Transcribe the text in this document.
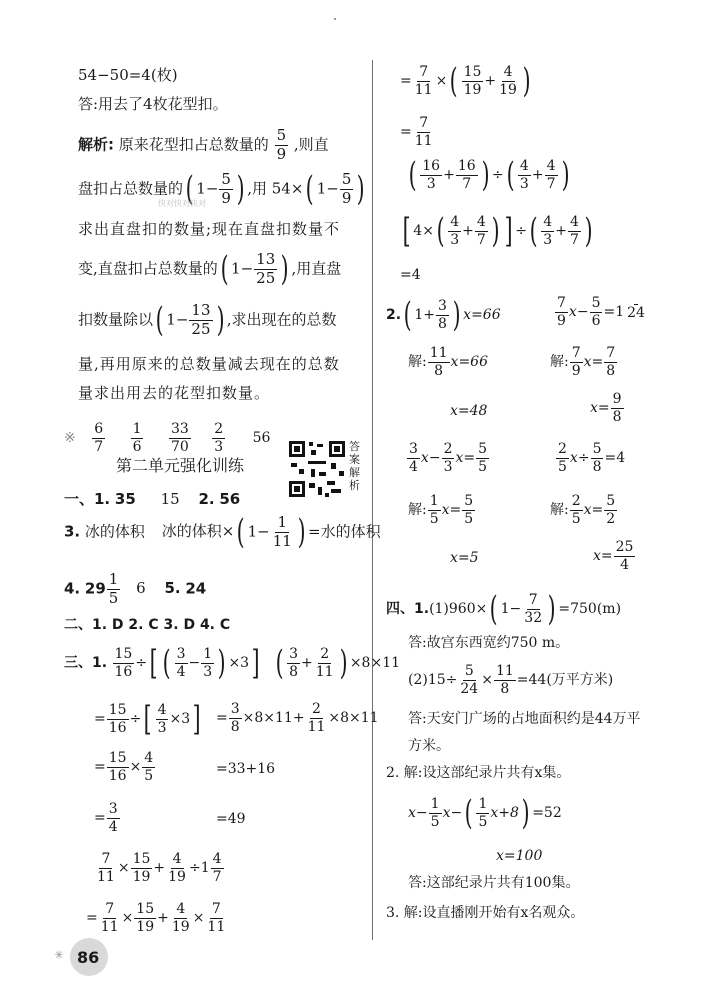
54−50=4(枚)
答:用去了4枚花型扣。
解析: 原来花型扣占总数量的 $\frac{5}{9}$ ,则直
盘扣占总数量的( $1- \frac{5}{9}$ ) ,用 54×( $1- \frac{5}{9}$ )
求出直盘扣的数量;现在直盘扣数量不
变,直盘扣占总数量的( $1- \frac{13}{25}$ ) ,用直盘
扣数量除以( $1- \frac{13}{25}$ ) ,求出现在的总数
量,再用原来的总数量减去现在的总数
量求出用去的花型扣数量。
※ $\frac{6}{7}$
$\frac{1}{6}$
$\frac{33}{70}$
$\frac{2}{3} 56$
第二单元强化训练
答案解析
一、1. 35 15 2. 56
3. 冰的体积 冰的体积×( $1- \frac{1}{11}$ ) =水的体积
4. $29 \frac{1}{5} 6$ 5. 24
二、1. D 2. C 3. D 4. C
三、1. $\frac{15}{16}$ ÷[ ( $\frac{3}{4} - \frac{1}{3}$ ) ×3] ( $\frac{3}{8} + \frac{2}{11}$ ) ×8×11
= $\frac{15}{16}$ ÷[ $\frac{4}{3} \times 3] = \frac{3}{8} \times 8\times 11+ \frac{2}{11} \times 8\times 11$
= $\frac{15}{16} \times \frac{4}{5}$	=33+16
= $\frac{3}{4}$	=49
$\frac{7}{11} \times \frac{15}{19} + \frac{4}{19} \div 1 \frac{4}{7}$
= $\frac{7}{11} \times \frac{15}{19} + \frac{4}{19} \times \frac{7}{11}$
快对快对快对
= $\frac{7}{11}$ ×( $\frac{15}{19} + \frac{4}{19}$ )
= $\frac{7}{11}$
( $\frac{16}{3} + \frac{16}{7}$ ) ÷( $\frac{4}{3} + \frac{4}{7}$ )
[ $4\times( \frac{4}{3} + \frac{4}{7}$ ) ] ÷( $\frac{4}{3} + \frac{4}{7}$ )
=4
2.( $1+ \frac{3}{8}$ ) x=66	$\frac{7}{9} x- \frac{5}{6} =1$ 24
解: $\frac{11}{8} x=66$	解: $\frac{7}{9} x= \frac{7}{8}$
x=48	$x= \frac{9}{8}$
$\frac{3}{4} x- \frac{2}{3} x= \frac{5}{5}$	$\frac{2}{5} x\div \frac{5}{8} =4$
解: $\frac{1}{5} x= \frac{5}{5}$	解: $\frac{2}{5} x= \frac{5}{2}$
x=5	$x= \frac{25}{4}$
四、1.(1)960×( $1- \frac{7}{32}$ ) =750(m)
答:故宫东西宽约750 m。
$(2)15\div \frac{5}{24} \times \frac{11}{8} =44$(万平方米)
答:天安门广场的占地面积约是44万平
方米。
2. 解:设这部纪录片共有x集。
$x- \frac{1}{5} x-( \frac{1}{5} x+8) =52$
x=100
答:这部纪录片共有100集。
3. 解:设直播刚开始有x名观众。
✳ 86
